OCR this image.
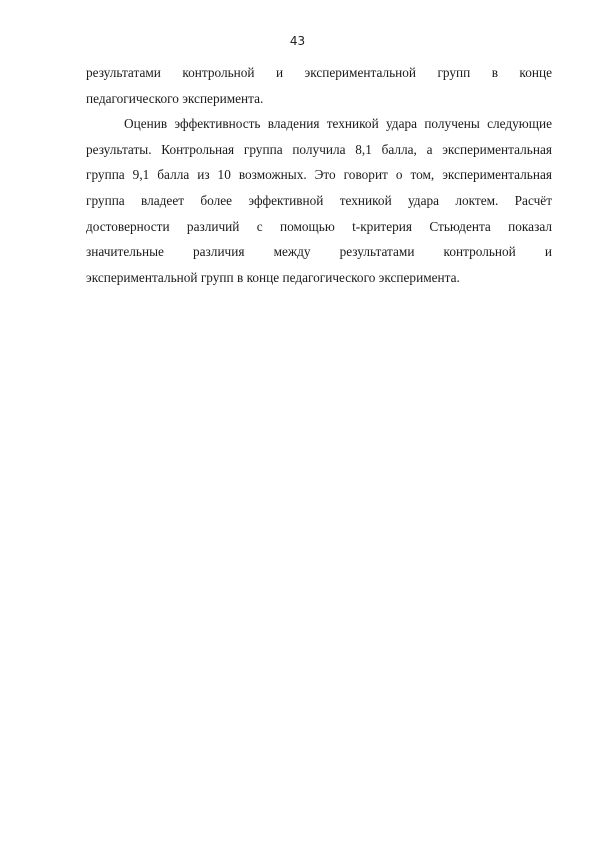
43

результатами контрольной и экспериментальной групп в конце
педагогического эксперимента.

Оценив эффективность владения техникой удара получены следующие
результаты. Контрольная группа получила 8,1 балла, а экспериментальная
группа 9,1 балла из 10 возможных. Это говорит о том, экспериментальная
группа владеет более эффективной техникой удара локтем. Расчёт
достоверности различий с помощью t-критерия Стьюдента показал
значительные различия между результатами контрольной и
экспериментальной групп в конце педагогического эксперимента.
